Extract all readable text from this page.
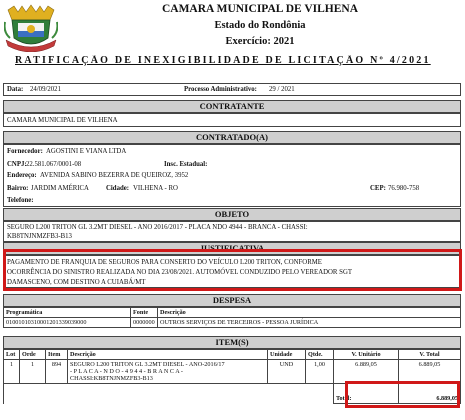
CAMARA MUNICIPAL DE VILHENA
Estado do Rondônia
Exercício: 2021
RATIFICAÇÃO DE INEXIGIBILIDADE DE LICITAÇÃO Nº 4/2021
Data: 24/09/2021	Processo Administrativo: 29 / 2021
CONTRATANTE
CAMARA MUNICIPAL DE VILHENA
CONTRATADO(A)
Fornecedor: AGOSTINI E VIANA LTDA
CNPJ: 22.581.067/0001-08	Insc. Estadual:
Endereço: AVENIDA SABINO BEZERRA DE QUEIROZ, 3952
Bairro: JARDIM AMÉRICA	Cidade: VILHENA - RO	CEP: 76.980-758
Telefone:
OBJETO
SEGURO L200 TRITON GL 3.2MT DIESEL - ANO 2016/2017 - PLACA NDO 4944 - BRANCA - CHASSI:
KB8TNJNMZFB3-B13
JUSTIFICATIVA
PAGAMENTO DE FRANQUIA DE SEGUROS PARA CONSERTO DO VEÍCULO L200 TRITON, CONFORME
OCORRÊNCIA DO SINISTRO REALIZADA NO DIA 23/08/2021. AUTOMÓVEL CONDUZIDO PELO VEREADOR SGT
DAMASCENO, COM DESTINO A CUIABÁ/MT
DESPESA
Programática	Fonte	Descrição
01001010310001201339039000	0000000	OUTROS SERVIÇOS DE TERCEIROS - PESSOA JURÍDICA
ITEM(S)
Lot	Orde	Item	Descrição	Unidade	Qtde.	V. Unitário	V. Total
1	1	894	SEGURO L200 TRITON GL 3.2MT DIESEL - ANO-2016/17
- P L A C A - N D O - 4 9 4 4 - B R A N C A -
CHASSI:KB8TNJNMZFB3-B13	UND	1,00	6.889,05	6.889,05
						Total:	6.889,05
